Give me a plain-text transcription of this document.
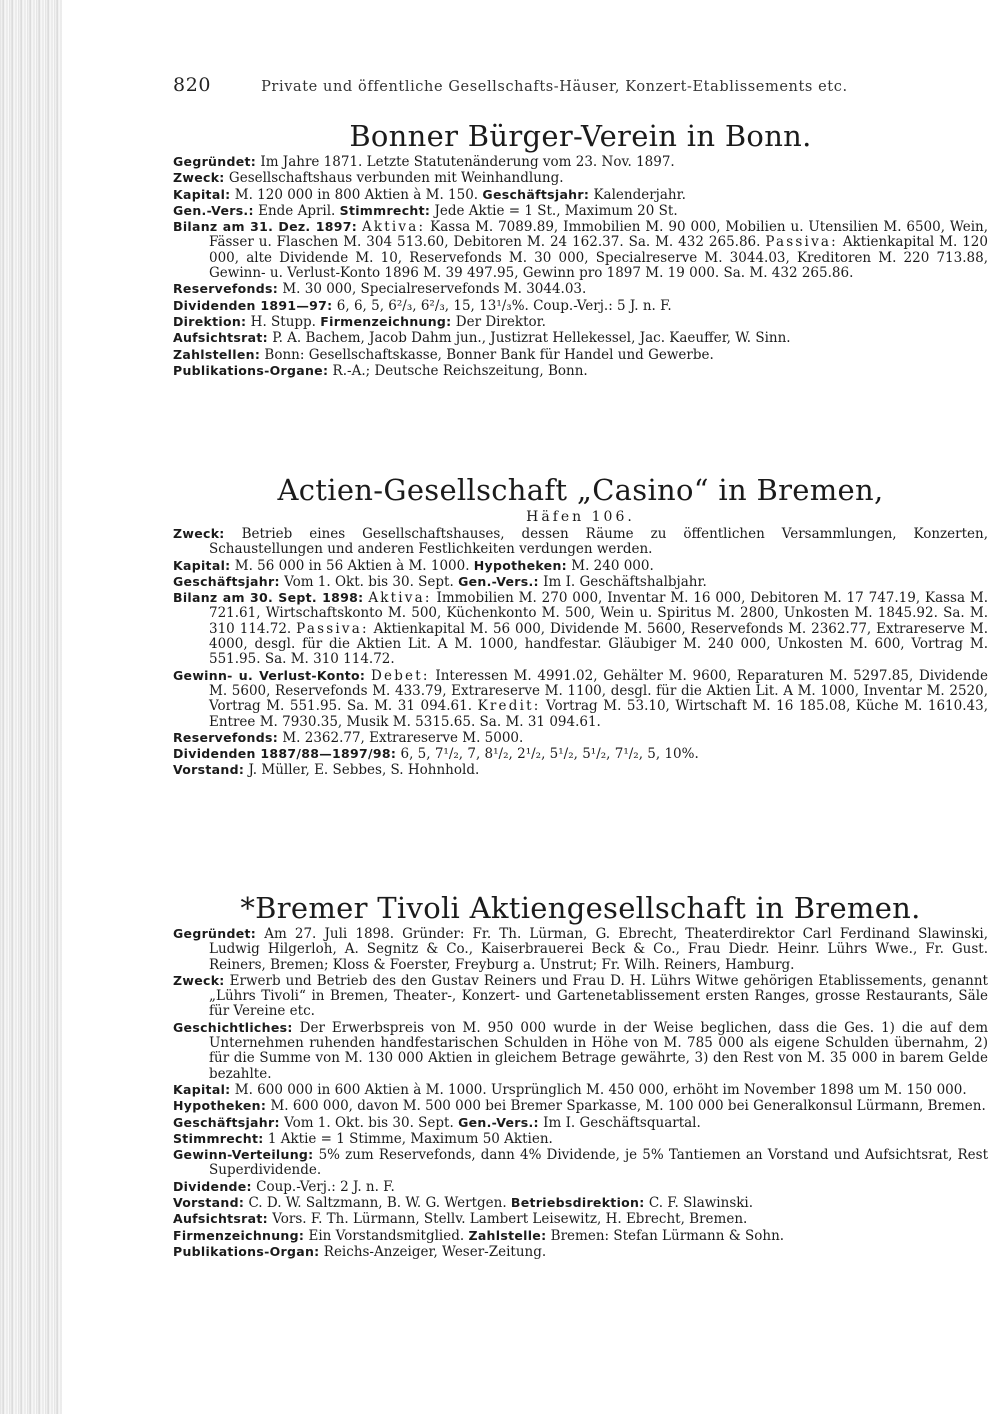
820	Private und öffentliche Gesellschafts-Häuser, Konzert-Etablissements etc.
Bonner Bürger-Verein in Bonn.
Gegründet: Im Jahre 1871. Letzte Statutenänderung vom 23. Nov. 1897.
Zweck: Gesellschaftshaus verbunden mit Weinhandlung.
Kapital: M. 120 000 in 800 Aktien à M. 150. Geschäftsjahr: Kalenderjahr.
Gen.-Vers.: Ende April. Stimmrecht: Jede Aktie = 1 St., Maximum 20 St.
Bilanz am 31. Dez. 1897: Aktiva: Kassa M. 7089.89, Immobilien M. 90 000, Mobilien u. Utensilien M. 6500, Wein, Fässer u. Flaschen M. 304 513.60, Debitoren M. 24 162.37. Sa. M. 432 265.86. Passiva: Aktienkapital M. 120 000, alte Dividende M. 10, Reservefonds M. 30 000, Specialreserve M. 3044.03, Kreditoren M. 220 713.88, Gewinn- u. Verlust-Konto 1896 M. 39 497.95, Gewinn pro 1897 M. 19 000. Sa. M. 432 265.86.
Reservefonds: M. 30 000, Specialreservefonds M. 3044.03.
Dividenden 1891—97: 6, 6, 5, 6²/₃, 6²/₃, 15, 13¹/₃%. Coup.-Verj.: 5 J. n. F.
Direktion: H. Stupp. Firmenzeichnung: Der Direktor.
Aufsichtsrat: P. A. Bachem, Jacob Dahm jun., Justizrat Hellekessel, Jac. Kaeuffer, W. Sinn.
Zahlstellen: Bonn: Gesellschaftskasse, Bonner Bank für Handel und Gewerbe.
Publikations-Organe: R.-A.; Deutsche Reichszeitung, Bonn.
Actien-Gesellschaft „Casino“ in Bremen,
Häfen 106.
Zweck: Betrieb eines Gesellschaftshauses, dessen Räume zu öffentlichen Versammlungen, Konzerten, Schaustellungen und anderen Festlichkeiten verdungen werden.
Kapital: M. 56 000 in 56 Aktien à M. 1000. Hypotheken: M. 240 000.
Geschäftsjahr: Vom 1. Okt. bis 30. Sept. Gen.-Vers.: Im I. Geschäftshalbjahr.
Bilanz am 30. Sept. 1898: Aktiva: Immobilien M. 270 000, Inventar M. 16 000, Debitoren M. 17 747.19, Kassa M. 721.61, Wirtschaftskonto M. 500, Küchenkonto M. 500, Wein u. Spiritus M. 2800, Unkosten M. 1845.92. Sa. M. 310 114.72. Passiva: Aktienkapital M. 56 000, Dividende M. 5600, Reservefonds M. 2362.77, Extrareserve M. 4000, desgl. für die Aktien Lit. A M. 1000, handfestar. Gläubiger M. 240 000, Unkosten M. 600, Vortrag M. 551.95. Sa. M. 310 114.72.
Gewinn- u. Verlust-Konto: Debet: Interessen M. 4991.02, Gehälter M. 9600, Reparaturen M. 5297.85, Dividende M. 5600, Reservefonds M. 433.79, Extrareserve M. 1100, desgl. für die Aktien Lit. A M. 1000, Inventar M. 2520, Vortrag M. 551.95. Sa. M. 31 094.61. Kredit: Vortrag M. 53.10, Wirtschaft M. 16 185.08, Küche M. 1610.43, Entree M. 7930.35, Musik M. 5315.65. Sa. M. 31 094.61.
Reservefonds: M. 2362.77, Extrareserve M. 5000.
Dividenden 1887/88—1897/98: 6, 5, 7¹/₂, 7, 8¹/₂, 2¹/₂, 5¹/₂, 5¹/₂, 7¹/₂, 5, 10%.
Vorstand: J. Müller, E. Sebbes, S. Hohnhold.
*Bremer Tivoli Aktiengesellschaft in Bremen.
Gegründet: Am 27. Juli 1898. Gründer: Fr. Th. Lürman, G. Ebrecht, Theaterdirektor Carl Ferdinand Slawinski, Ludwig Hilgerloh, A. Segnitz & Co., Kaiserbrauerei Beck & Co., Frau Diedr. Heinr. Lührs Wwe., Fr. Gust. Reiners, Bremen; Kloss & Foerster, Freyburg a. Unstrut; Fr. Wilh. Reiners, Hamburg.
Zweck: Erwerb und Betrieb des den Gustav Reiners und Frau D. H. Lührs Witwe gehörigen Etablissements, genannt „Lührs Tivoli“ in Bremen, Theater-, Konzert- und Gartenetablissement ersten Ranges, grosse Restaurants, Säle für Vereine etc.
Geschichtliches: Der Erwerbspreis von M. 950 000 wurde in der Weise beglichen, dass die Ges. 1) die auf dem Unternehmen ruhenden handfestarischen Schulden in Höhe von M. 785 000 als eigene Schulden übernahm, 2) für die Summe von M. 130 000 Aktien in gleichem Betrage gewährte, 3) den Rest von M. 35 000 in barem Gelde bezahlte.
Kapital: M. 600 000 in 600 Aktien à M. 1000. Ursprünglich M. 450 000, erhöht im November 1898 um M. 150 000.
Hypotheken: M. 600 000, davon M. 500 000 bei Bremer Sparkasse, M. 100 000 bei Generalkonsul Lürmann, Bremen.
Geschäftsjahr: Vom 1. Okt. bis 30. Sept. Gen.-Vers.: Im I. Geschäftsquartal.
Stimmrecht: 1 Aktie = 1 Stimme, Maximum 50 Aktien.
Gewinn-Verteilung: 5% zum Reservefonds, dann 4% Dividende, je 5% Tantiemen an Vorstand und Aufsichtsrat, Rest Superdividende.
Dividende: Coup.-Verj.: 2 J. n. F.
Vorstand: C. D. W. Saltzmann, B. W. G. Wertgen. Betriebsdirektion: C. F. Slawinski.
Aufsichtsrat: Vors. F. Th. Lürmann, Stellv. Lambert Leisewitz, H. Ebrecht, Bremen.
Firmenzeichnung: Ein Vorstandsmitglied. Zahlstelle: Bremen: Stefan Lürmann & Sohn.
Publikations-Organ: Reichs-Anzeiger, Weser-Zeitung.
